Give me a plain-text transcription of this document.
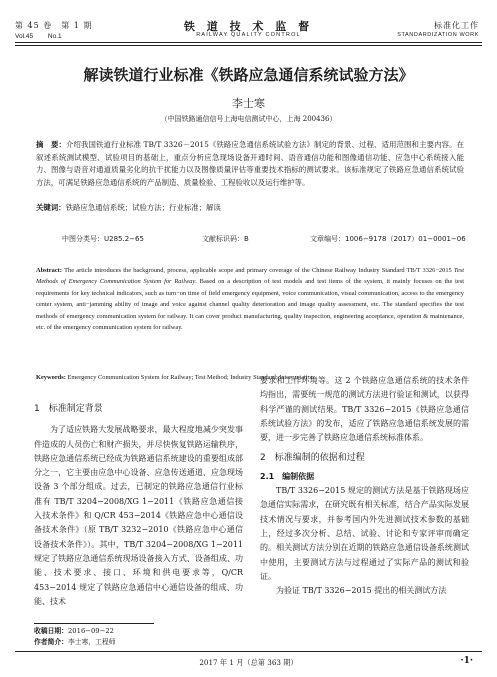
第 45 卷　第 1 期
Vol.45　　 No.1
铁 道 技 术 监 督
RAILWAY QUALITY CONTROL
标准化工作
STANDARDIZATION WORK
解读铁道行业标准《铁路应急通信系统试验方法》
李士寒
（中国铁路通信信号上海电信测试中心，上海 200436）
摘　要：介绍我国铁道行业标准 TB/T 3326－2015《铁路应急通信系统试验方法》制定的背景、过程、适用范围和主要内容。在叙述系统测试模型、试验项目的基础上，重点分析应急现场设备开通时间、语音通信功能和图像通信功能、应急中心系统接入能力、图像与语音对通道质量劣化的抗干扰能力以及图像质量评估等重要技术指标的测试要求。该标准规定了铁路应急通信系统试验方法，可满足铁路应急通信系统的产品制造、质量检验、工程验收以及运行维护等。
关键词：铁路应急通信系统；试验方法；行业标准；解读
中图分类号：U285.2−65	文献标识码：B	文章编号：1006−9178（2017）01−0001−06
Abstract: The article introduces the background, process, applicable scope and primary coverage of the Chinese Railway Industry Standard TB/T 3326−2015 Test Methods of Emergency Communication System for Railway. Based on a description of test models and test items of the system, it mainly focuses on the test requirements for key technical indicators, such as turn−on time of field emergency equipment, voice communication, visual communication, access to the emergency center system, anti−jamming ability of image and voice against channel quality deterioration and image quality assessment, etc. The standard specifies the test methods of emergency communication system for railway. It can cover product manufacturing, quality inspection, engineering acceptance, operation & maintenance, etc. of the emergency communication system for railway.
Keywords: Emergency Communication System for Railway; Test Method; Industry Standard; Interpretation

1　标准制定背景

为了适应铁路大发展战略要求，最大程度地减少突发事件造成的人员伤亡和财产损失，并尽快恢复铁路运输秩序，铁路应急通信系统已经成为铁路通信系统建设的重要组成部分之一，它主要由应急中心设备、应急传送通道、应急现场设备 3 个部分组成。过去，已制定的铁路应急通信行业标准有 TB/T 3204−2008/XG 1−2011《铁路应急通信接入技术条件》和 Q/CR 453−2014《铁路应急中心通信设备技术条件》（原 TB/T 3232−2010《铁路应急中心通信设备技术条件》）。其中，TB/T 3204−2008/XG 1−2011 规定了铁路应急通信系统现场设备接入方式、设备组成、功能、技术要求、接口、环境和供电要求等，Q/CR 453−2014 规定了铁路应急通信中心通信设备的组成、功能、技术

要求和工作环境等。这 2 个铁路应急通信系统的技术条件均指出，需要统一规范的测试方法进行验证和测试，以获得科学严谨的测试结果。TB/T 3326−2015《铁路应急通信系统试验方法》的发布，适应了铁路应急通信系统发展的需要，进一步完善了铁路应急通信系统标准体系。

2　标准编制的依据和过程

2.1　编制依据

TB/T 3326−2015 规定的测试方法是基于铁路现场应急通信实际需求，在研究既有相关标准，结合产品实际发展技术情况与要求，并参考国内外先进测试技术参数的基础上，经过多次分析、总结、试验、讨论和专家评审而确定的。相关测试方法分别在近期的铁路应急通信设备系统测试中使用，主要测试方法与过程通过了实际产品的测试和验证。

为验证 TB/T 3326−2015 提出的相关测试方法

收稿日期：2016−09−22
作者简介：李士寒，工程师
2017 年 1 月（总第 363 期）	·1·
